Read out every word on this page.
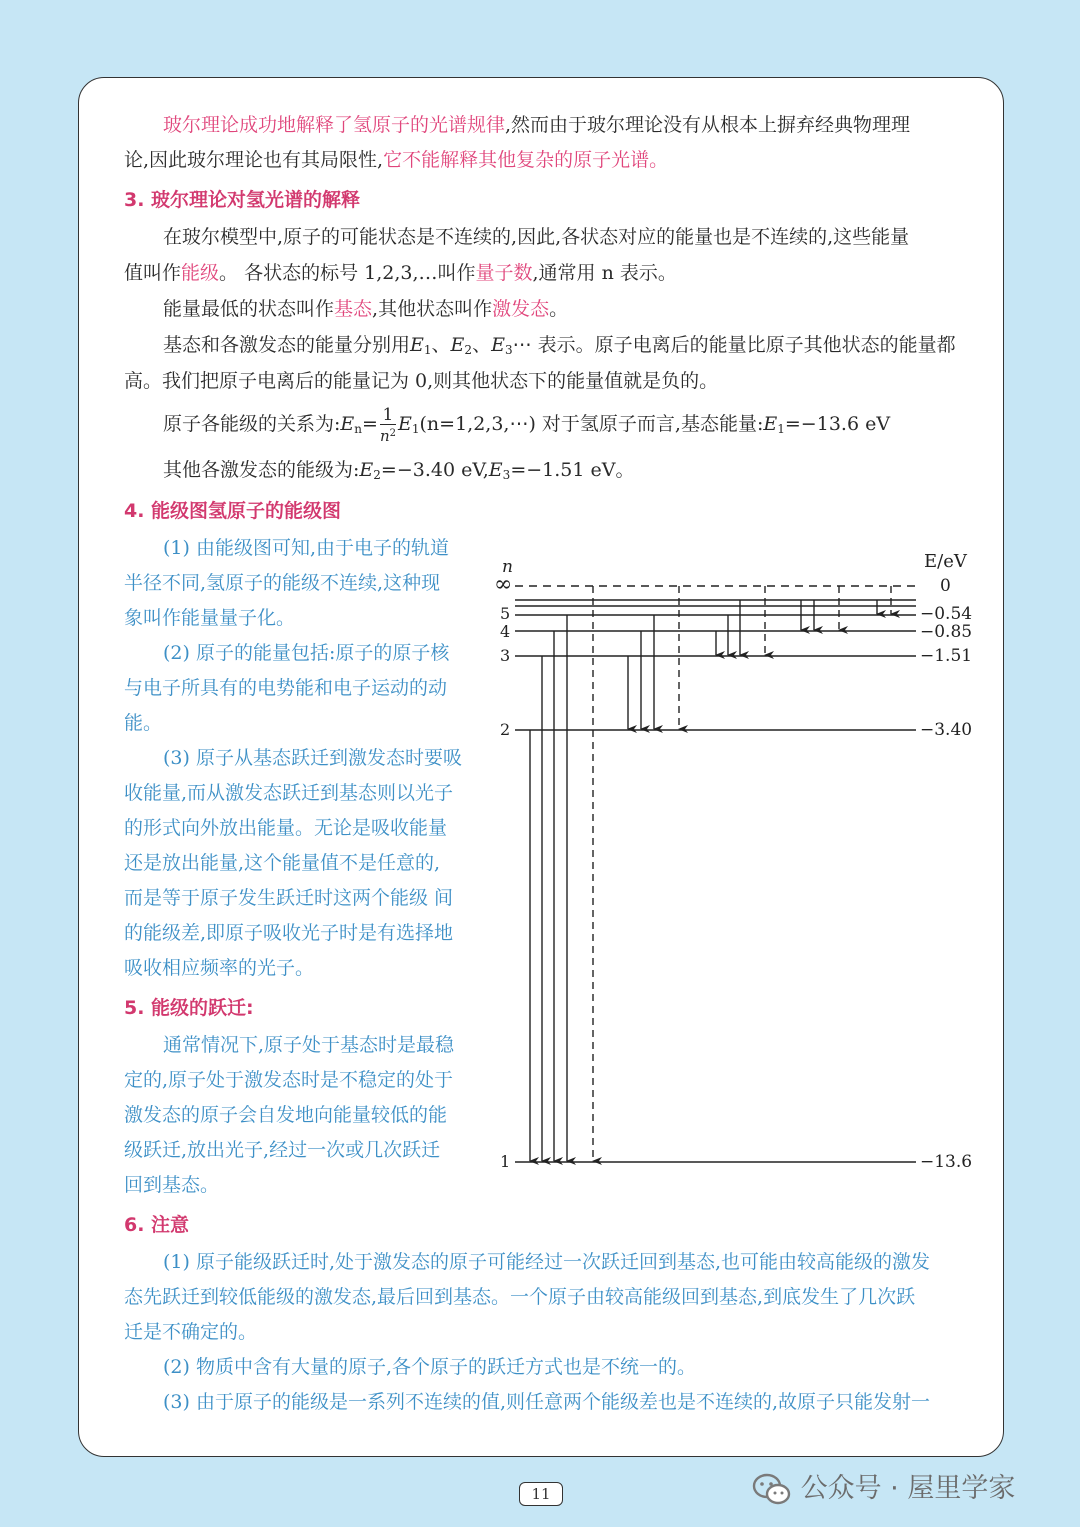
玻尔理论成功地解释了氢原子的光谱规律,然而由于玻尔理论没有从根本上摒弃经典物理理
论,因此玻尔理论也有其局限性,它不能解释其他复杂的原子光谱。
3. 玻尔理论对氢光谱的解释
在玻尔模型中,原子的可能状态是不连续的,因此,各状态对应的能量也是不连续的,这些能量
值叫作能级。 各状态的标号 1,2,3,…叫作量子数,通常用 n 表示。
能量最低的状态叫作基态,其他状态叫作激发态。
基态和各激发态的能量分别用$E_1$、$E_2$、$E_3\cdots$ 表示。原子电离后的能量比原子其他状态的能量都
高。我们把原子电离后的能量记为 0,则其他状态下的能量值就是负的。
原子各能级的关系为$:E_n= \frac{1}{n^2}$ $E_1(n=1,2,3,\cdots)$ 对于氢原子而言,基态能量$:E_1=-13.6$ eV
其他各激发态的能级为$:E_2=-3.40$ $eV,E_3=-1.51$ eV。
4. 能级图氢原子的能级图
(1) 由能级图可知,由于电子的轨道
半径不同,氢原子的能级不连续,这种现
象叫作能量量子化。
(2) 原子的能量包括:原子的原子核
与电子所具有的电势能和电子运动的动
能。
(3) 原子从基态跃迁到激发态时要吸
收能量,而从激发态跃迁到基态则以光子
的形式向外放出能量。无论是吸收能量
还是放出能量,这个能量值不是任意的,
而是等于原子发生跃迁时这两个能级 间
的能级差,即原子吸收光子时是有选择地
吸收相应频率的光子。
5. 能级的跃迁:
通常情况下,原子处于基态时是最稳
定的,原子处于激发态时是不稳定的处于
激发态的原子会自发地向能量较低的能
级跃迁,放出光子,经过一次或几次跃迁
回到基态。
6. 注意
(1) 原子能级跃迁时,处于激发态的原子可能经过一次跃迁回到基态,也可能由较高能级的激发
态先跃迁到较低能级的激发态,最后回到基态。一个原子由较高能级回到基态,到底发生了几次跃
迁是不确定的。
(2) 物质中含有大量的原子,各个原子的跃迁方式也是不统一的。
(3) 由于原子的能级是一系列不连续的值,则任意两个能级差也是不连续的,故原子只能发射一
n	E/eV
∞	0
5	−0.54
4	−0.85
3	−1.51
2	−3.40
1	−13.6
11	公众号 · 屋里学家
